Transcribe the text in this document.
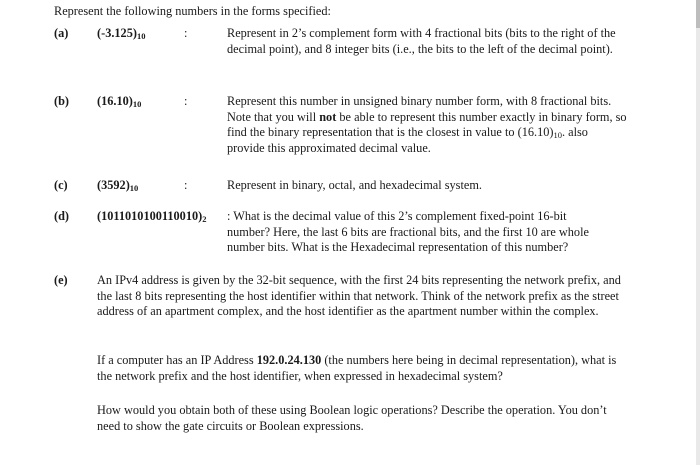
Represent the following numbers in the forms specified:
(a) $(-3.125)_{10}$	:	Represent in 2’s complement form with 4 fractional bits (bits to the right of the decimal point), and 8 integer bits (i.e., the bits to the left of the decimal point).
(b) $(16.10)_{10}$	:	Represent this number in unsigned binary number form, with 8 fractional bits. Note that you will not be able to represent this number exactly in binary form, so find the binary representation that is the closest in value to $(16.10)_{10}$. also provide this approximated decimal value.
(c) $(3592)_{10}$	:	Represent in binary, octal, and hexadecimal system.
(d) $(1011010100110010)_2$ : What is the decimal value of this 2’s complement fixed-point 16-bit number? Here, the last 6 bits are fractional bits, and the first 10 are whole number bits. What is the Hexadecimal representation of this number?
(e) An IPv4 address is given by the 32-bit sequence, with the first 24 bits representing the network prefix, and the last 8 bits representing the host identifier within that network. Think of the network prefix as the street address of an apartment complex, and the host identifier as the apartment number within the complex.
If a computer has an IP Address 192.0.24.130 (the numbers here being in decimal representation), what is the network prefix and the host identifier, when expressed in hexadecimal system?
How would you obtain both of these using Boolean logic operations? Describe the operation. You don’t need to show the gate circuits or Boolean expressions.
